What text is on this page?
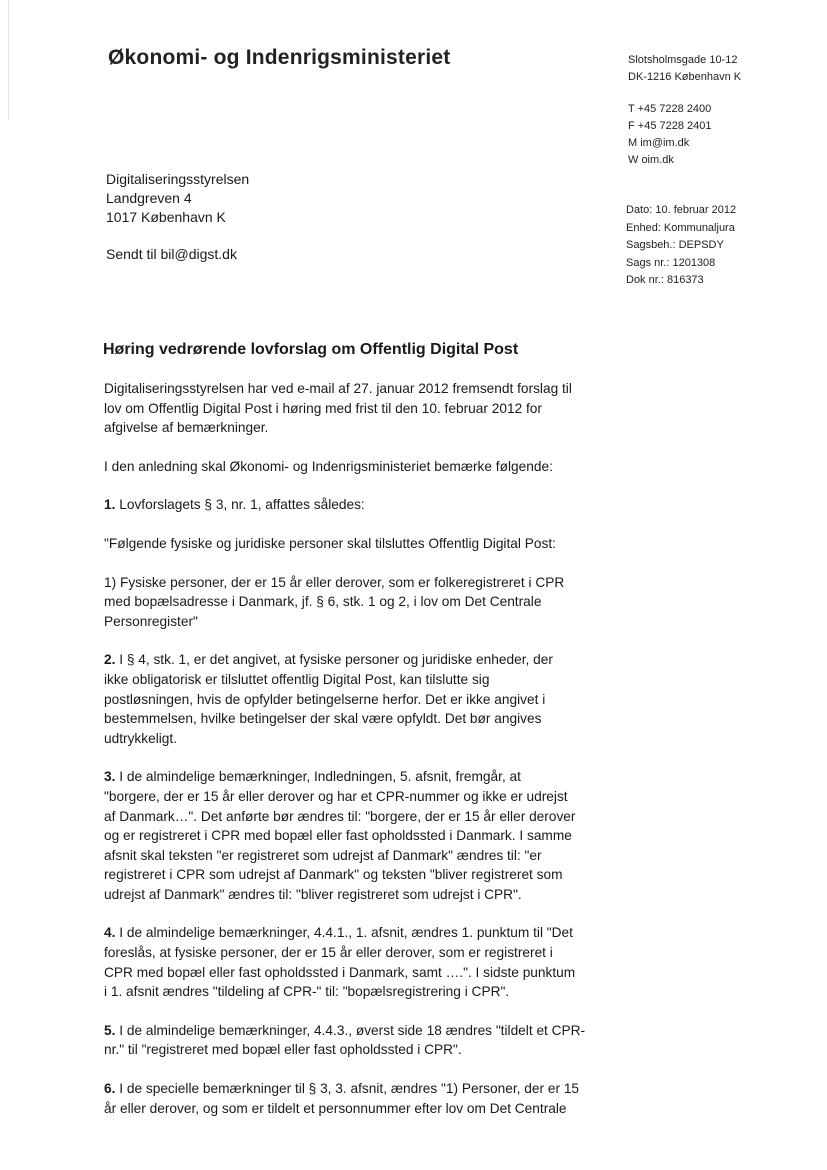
Økonomi- og Indenrigsministeriet	Slotsholmsgade 10-12
DK-1216 København K
T +45 7228 2400
F +45 7228 2401
M im@im.dk
W oim.dk
Digitaliseringsstyrelsen
Landgreven 4
1017 København K
Sendt til bil@digst.dk
Dato: 10. februar 2012
Enhed: Kommunaljura
Sagsbeh.: DEPSDY
Sags nr.: 1201308
Dok nr.: 816373
Høring vedrørende lovforslag om Offentlig Digital Post
Digitaliseringsstyrelsen har ved e-mail af 27. januar 2012 fremsendt forslag til
lov om Offentlig Digital Post i høring med frist til den 10. februar 2012 for
afgivelse af bemærkninger.
I den anledning skal Økonomi- og Indenrigsministeriet bemærke følgende:
1. Lovforslagets § 3, nr. 1, affattes således:
"Følgende fysiske og juridiske personer skal tilsluttes Offentlig Digital Post:
1) Fysiske personer, der er 15 år eller derover, som er folkeregistreret i CPR
med bopælsadresse i Danmark, jf. § 6, stk. 1 og 2, i lov om Det Centrale
Personregister"
2. I § 4, stk. 1, er det angivet, at fysiske personer og juridiske enheder, der
ikke obligatorisk er tilsluttet offentlig Digital Post, kan tilslutte sig
postløsningen, hvis de opfylder betingelserne herfor. Det er ikke angivet i
bestemmelsen, hvilke betingelser der skal være opfyldt. Det bør angives
udtrykkeligt.
3. I de almindelige bemærkninger, Indledningen, 5. afsnit, fremgår, at
"borgere, der er 15 år eller derover og har et CPR-nummer og ikke er udrejst
af Danmark…". Det anførte bør ændres til: "borgere, der er 15 år eller derover
og er registreret i CPR med bopæl eller fast opholdssted i Danmark. I samme
afsnit skal teksten "er registreret som udrejst af Danmark" ændres til: "er
registreret i CPR som udrejst af Danmark" og teksten "bliver registreret som
udrejst af Danmark" ændres til: "bliver registreret som udrejst i CPR".
4. I de almindelige bemærkninger, 4.4.1., 1. afsnit, ændres 1. punktum til "Det
foreslås, at fysiske personer, der er 15 år eller derover, som er registreret i
CPR med bopæl eller fast opholdssted i Danmark, samt ….". I sidste punktum
i 1. afsnit ændres "tildeling af CPR-" til: "bopælsregistrering i CPR".
5. I de almindelige bemærkninger, 4.4.3., øverst side 18 ændres "tildelt et CPR-
nr." til "registreret med bopæl eller fast opholdssted i CPR".
6. I de specielle bemærkninger til § 3, 3. afsnit, ændres "1) Personer, der er 15
år eller derover, og som er tildelt et personnummer efter lov om Det Centrale
